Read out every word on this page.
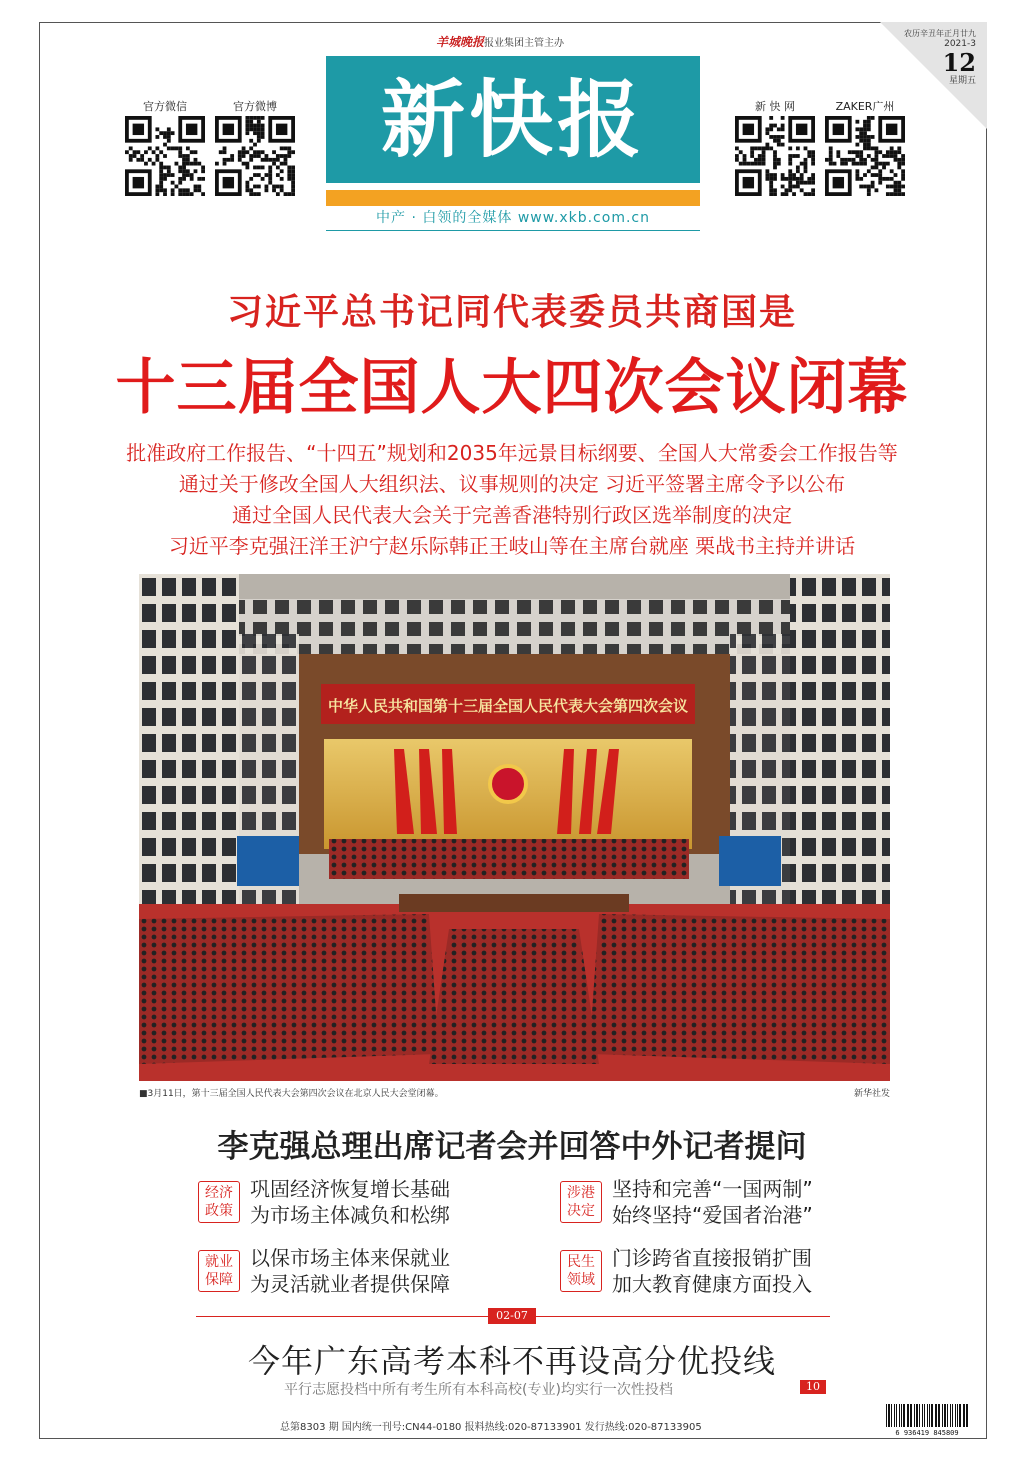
农历辛丑年正月廿九
2021-3
12
星期五
羊城晚报报业集团主管主办
新快报
中产 · 白领的全媒体 www.xkb.com.cn
官方微信	官方微博	新 快 网	ZAKER广州
习近平总书记同代表委员共商国是
十三届全国人大四次会议闭幕
批准政府工作报告、“十四五”规划和2035年远景目标纲要、全国人大常委会工作报告等
通过关于修改全国人大组织法、议事规则的决定 习近平签署主席令予以公布
通过全国人民代表大会关于完善香港特别行政区选举制度的决定
习近平李克强汪洋王沪宁赵乐际韩正王岐山等在主席台就座 栗战书主持并讲话
中华人民共和国第十三届全国人民代表大会第四次会议
■3月11日，第十三届全国人民代表大会第四次会议在北京人民大会堂闭幕。	新华社发
李克强总理出席记者会并回答中外记者提问
经济
政策
巩固经济恢复增长基础
为市场主体减负和松绑
涉港
决定
坚持和完善“一国两制”
始终坚持“爱国者治港”
就业
保障
以保市场主体来保就业
为灵活就业者提供保障
民生
领域
门诊跨省直接报销扩围
加大教育健康方面投入
02-07
今年广东高考本科不再设高分优投线
平行志愿投档中所有考生所有本科高校(专业)均实行一次性投档	10
总第8303 期 国内统一刊号:CN44-0180 报料热线:020-87133901 发行热线:020-87133905	6 936419 845809
